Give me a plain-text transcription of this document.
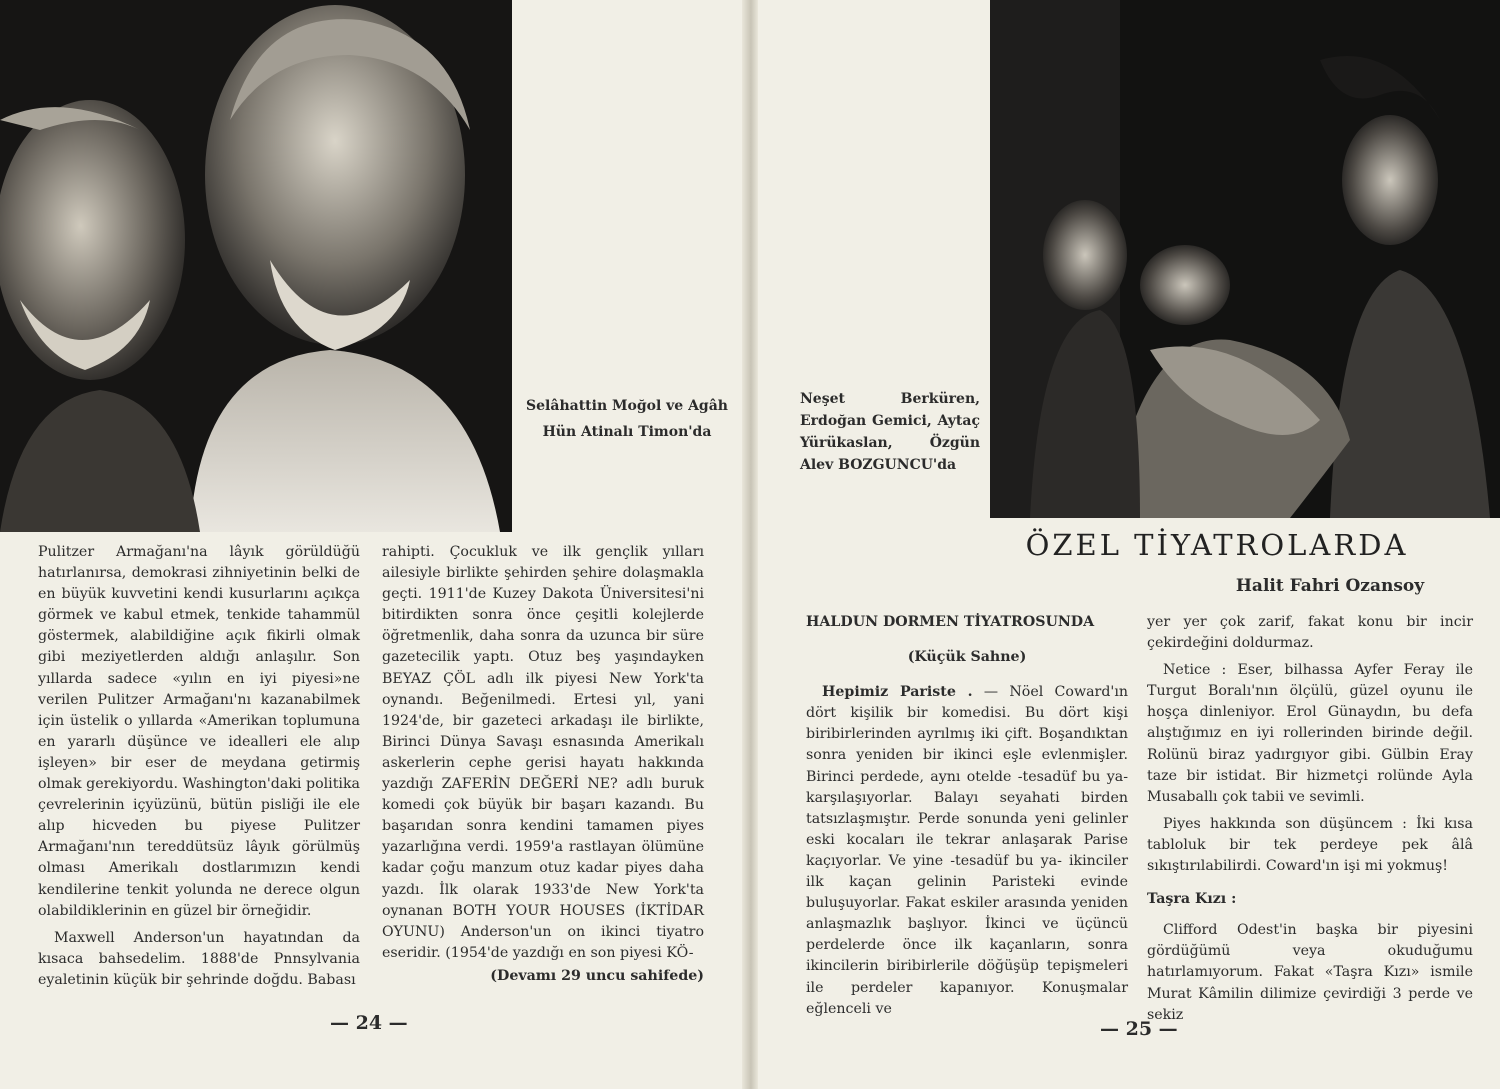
Selâhattin Moğol ve Agâh Hün Atinalı Timon'da

Pulitzer Armağanı'na lâyık görüldüğü hatırlanırsa, demokrasi zihniyetinin belki de en büyük kuvvetini kendi kusurlarını açıkça görmek ve kabul etmek, tenkide tahammül göstermek, alabildiğine açık fikirli olmak gibi meziyetlerden aldığı anlaşılır. Son yıllarda sadece «yılın en iyi piyesi»ne verilen Pulitzer Armağanı'nı kazanabilmek için üstelik o yıllarda «Amerikan toplumuna en yararlı düşünce ve idealleri ele alıp işleyen» bir eser de meydana getirmiş olmak gerekiyordu. Washington'daki politika çevrelerinin içyüzünü, bütün pisliği ile ele alıp hicveden bu piyese Pulitzer Armağanı'nın tereddütsüz lâyık görülmüş olması Amerikalı dostlarımızın kendi kendilerine tenkit yolunda ne derece olgun olabildiklerinin en güzel bir örneğidir.

Maxwell Anderson'un hayatından da kısaca bahsedelim. 1888'de Pnnsylvania eyaletinin küçük bir şehrinde doğdu. Babası

rahipti. Çocukluk ve ilk gençlik yılları ailesiyle birlikte şehirden şehire dolaşmakla geçti. 1911'de Kuzey Dakota Üniversitesi'ni bitirdikten sonra önce çeşitli kolejlerde öğretmenlik, daha sonra da uzunca bir süre gazetecilik yaptı. Otuz beş yaşındayken BEYAZ ÇÖL adlı ilk piyesi New York'ta oynandı. Beğenilmedi. Ertesi yıl, yani 1924'de, bir gazeteci arkadaşı ile birlikte, Birinci Dünya Savaşı esnasında Amerikalı askerlerin cephe gerisi hayatı hakkında yazdığı ZAFERİN DEĞERİ NE? adlı buruk komedi çok büyük bir başarı kazandı. Bu başarıdan sonra kendini tamamen piyes yazarlığına verdi. 1959'a rastlayan ölümüne kadar çoğu manzum otuz kadar piyes daha yazdı. İlk olarak 1933'de New York'ta oynanan BOTH YOUR HOUSES (İKTİDAR OYUNU) Anderson'un on ikinci tiyatro eseridir. (1954'de yazdığı en son piyesi KÖ-

(Devamı 29 uncu sahifede)
— 24 —
Neşet Berküren, Erdoğan Gemici, Aytaç Yürükaslan, Özgün Alev BOZGUNCU'da
ÖZEL TİYATROLARDA
Halit Fahri Ozansoy
HALDUN DORMEN TİYATROSUNDA
(Küçük Sahne)

Hepimiz Pariste . — Nöel Coward'ın dört kişilik bir komedisi. Bu dört kişi biribirlerinden ayrılmış iki çift. Boşandıktan sonra yeniden bir ikinci eşle evlenmişler. Birinci perdede, aynı otelde -tesadüf bu ya- karşılaşıyorlar. Balayı seyahati birden tatsızlaşmıştır. Perde sonunda yeni gelinler eski kocaları ile tekrar anlaşarak Parise kaçıyorlar. Ve yine -tesadüf bu ya- ikinciler ilk kaçan gelinin Paristeki evinde buluşuyorlar. Fakat eskiler arasında yeniden anlaşmazlık başlıyor. İkinci ve üçüncü perdelerde önce ilk kaçanların, sonra ikincilerin biribirlerile döğüşüp tepişmeleri ile perdeler kapanıyor. Konuşmalar eğlenceli ve

yer yer çok zarif, fakat konu bir incir çekirdeğini doldurmaz.

Netice : Eser, bilhassa Ayfer Feray ile Turgut Boralı'nın ölçülü, güzel oyunu ile hoşça dinleniyor. Erol Günaydın, bu defa alıştığımız en iyi rollerinden birinde değil. Rolünü biraz yadırgıyor gibi. Gülbin Eray taze bir istidat. Bir hizmetçi rolünde Ayla Musaballı çok tabii ve sevimli.

Piyes hakkında son düşüncem : İki kısa tabloluk bir tek perdeye pek âlâ sıkıştırılabilirdi. Coward'ın işi mi yokmuş!

Taşra Kızı :

Clifford Odest'in başka bir piyesini gördüğümü veya okuduğumu hatırlamıyorum. Fakat «Taşra Kızı» ismile Murat Kâmilin dilimize çevirdiği 3 perde ve sekiz

— 25 —
